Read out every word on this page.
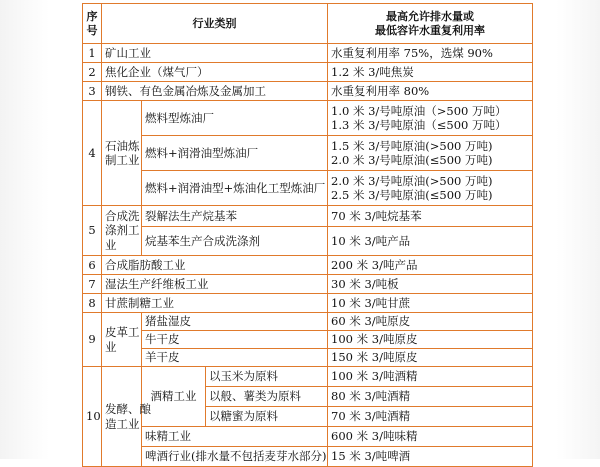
序
号	行业类别			最高允许排水量或
最低容许水重复利用率

1	矿山工业			水重复利用率 75%，选煤 90%
2	焦化企业（煤气厂）			1.2 米 3/吨焦炭
3	钢铁、有色金属冶炼及金属加工			水重复利用率 80%
4	石油炼
制工业	燃料型炼油厂		1.0 米 3/号吨原油（>500 万吨）
1.3 米 3/号吨原油（≤500 万吨）

		燃料+润滑油型炼油厂		1.5 米 3/号吨原油(>500 万吨)
2.0 米 3/号吨原油(≤500 万吨)

		燃料+润滑油型+炼油化工型炼油厂		2.0 米 3/号吨原油(>500 万吨)
2.5 米 3/号吨原油(≤500 万吨)

5	合成洗
涤剂工
业	裂解法生产烷基苯		70 米 3/吨烷基苯
		烷基苯生产合成洗涤剂		10 米 3/吨产品
6	合成脂肪酸工业			200 米 3/吨产品
7	湿法生产纤维板工业			30 米 3/吨板
8	甘蔗制糖工业			10 米 3/吨甘蔗
9	皮革工
业	猪盐湿皮		60 米 3/吨原皮
		牛干皮		100 米 3/吨原皮
		羊干皮		150 米 3/吨原皮
10	发酵、酿
造工业	酒精工业	以玉米为原料	100 米 3/吨酒精
			以般、薯类为原料	80 米 3/吨酒精
			以糖蜜为原料	70 米 3/吨酒精
		味精工业		600 米 3/吨味精
		啤酒行业(排水量不包括麦芽水部分)		15 米 3/吨啤酒
